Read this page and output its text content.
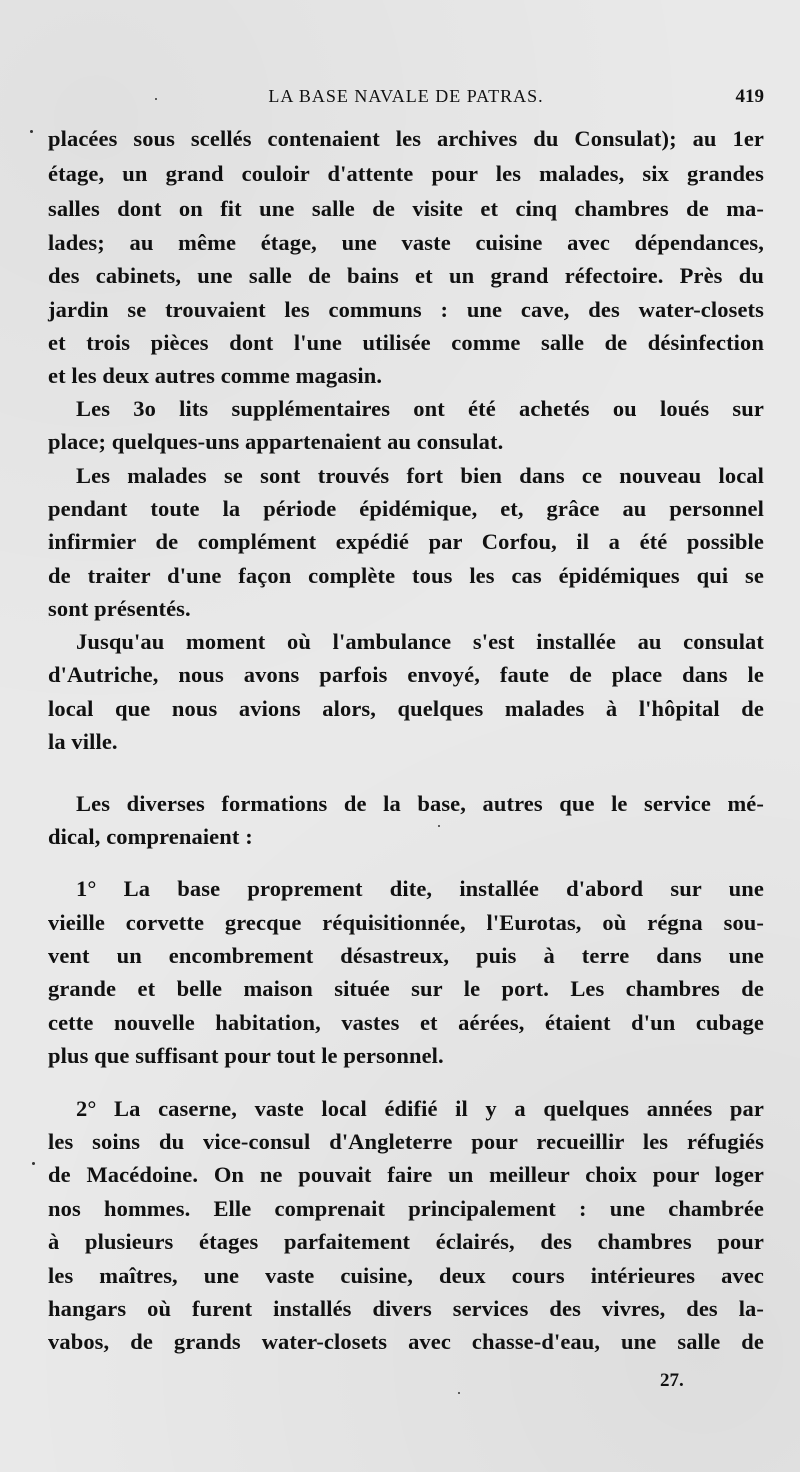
LA BASE NAVALE DE PATRAS.	419
placées sous scellés contenaient les archives du Consulat); au 1er
étage, un grand couloir d'attente pour les malades, six grandes
salles dont on fit une salle de visite et cinq chambres de ma-
lades; au même étage, une vaste cuisine avec dépendances,
des cabinets, une salle de bains et un grand réfectoire. Près du
jardin se trouvaient les communs : une cave, des water-closets
et trois pièces dont l'une utilisée comme salle de désinfection
et les deux autres comme magasin.
Les 3o lits supplémentaires ont été achetés ou loués sur
place; quelques-uns appartenaient au consulat.
Les malades se sont trouvés fort bien dans ce nouveau local
pendant toute la période épidémique, et, grâce au personnel
infirmier de complément expédié par Corfou, il a été possible
de traiter d'une façon complète tous les cas épidémiques qui se
sont présentés.
Jusqu'au moment où l'ambulance s'est installée au consulat
d'Autriche, nous avons parfois envoyé, faute de place dans le
local que nous avions alors, quelques malades à l'hôpital de
la ville.
Les diverses formations de la base, autres que le service mé-
dical, comprenaient :
1° La base proprement dite, installée d'abord sur une
vieille corvette grecque réquisitionnée, l'Eurotas, où régna sou-
vent un encombrement désastreux, puis à terre dans une
grande et belle maison située sur le port. Les chambres de
cette nouvelle habitation, vastes et aérées, étaient d'un cubage
plus que suffisant pour tout le personnel.
2° La caserne, vaste local édifié il y a quelques années par
les soins du vice-consul d'Angleterre pour recueillir les réfugiés
de Macédoine. On ne pouvait faire un meilleur choix pour loger
nos hommes. Elle comprenait principalement : une chambrée
à plusieurs étages parfaitement éclairés, des chambres pour
les maîtres, une vaste cuisine, deux cours intérieures avec
hangars où furent installés divers services des vivres, des la-
vabos, de grands water-closets avec chasse-d'eau, une salle de
27.
